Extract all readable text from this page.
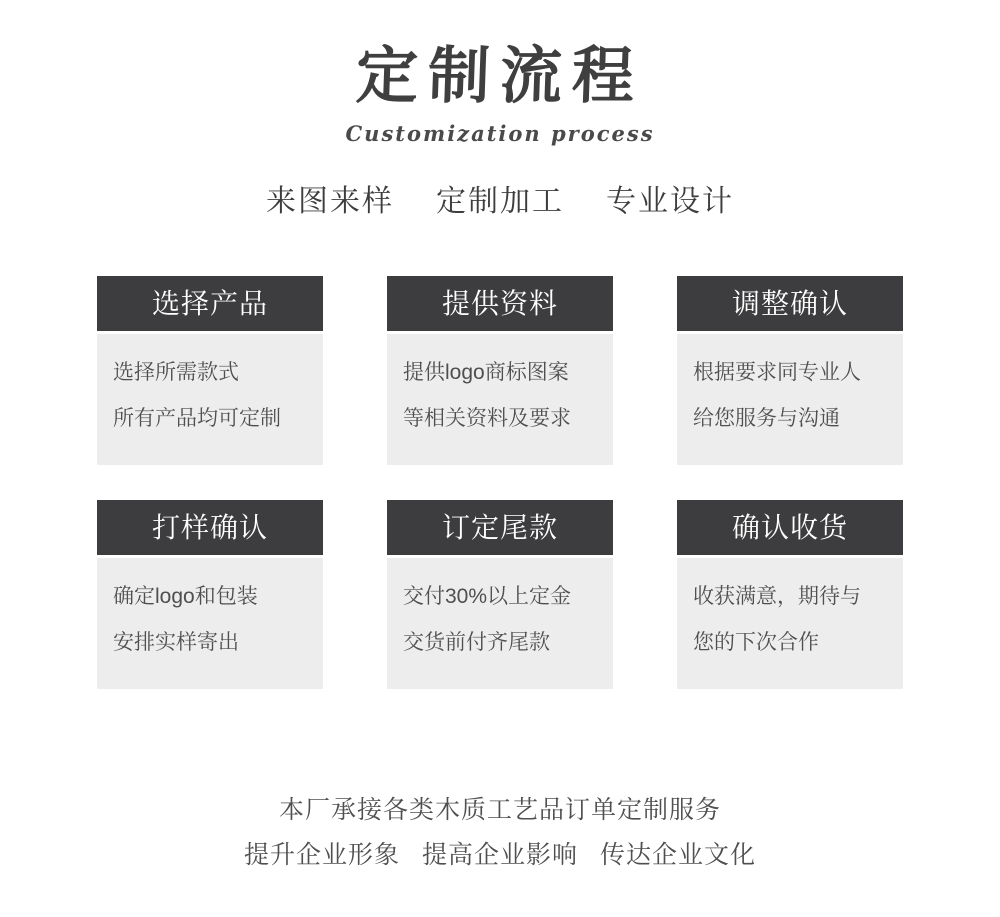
定制流程
Customization process
来图来样 定制加工 专业设计
选择产品
选择所需款式
所有产品均可定制
提供资料
提供logo商标图案
等相关资料及要求
调整确认
根据要求同专业人
给您服务与沟通
打样确认
确定logo和包装
安排实样寄出
订定尾款
交付30%以上定金
交货前付齐尾款
确认收货
收获满意，期待与
您的下次合作
本厂承接各类木质工艺品订单定制服务
提升企业形象 提高企业影响 传达企业文化
